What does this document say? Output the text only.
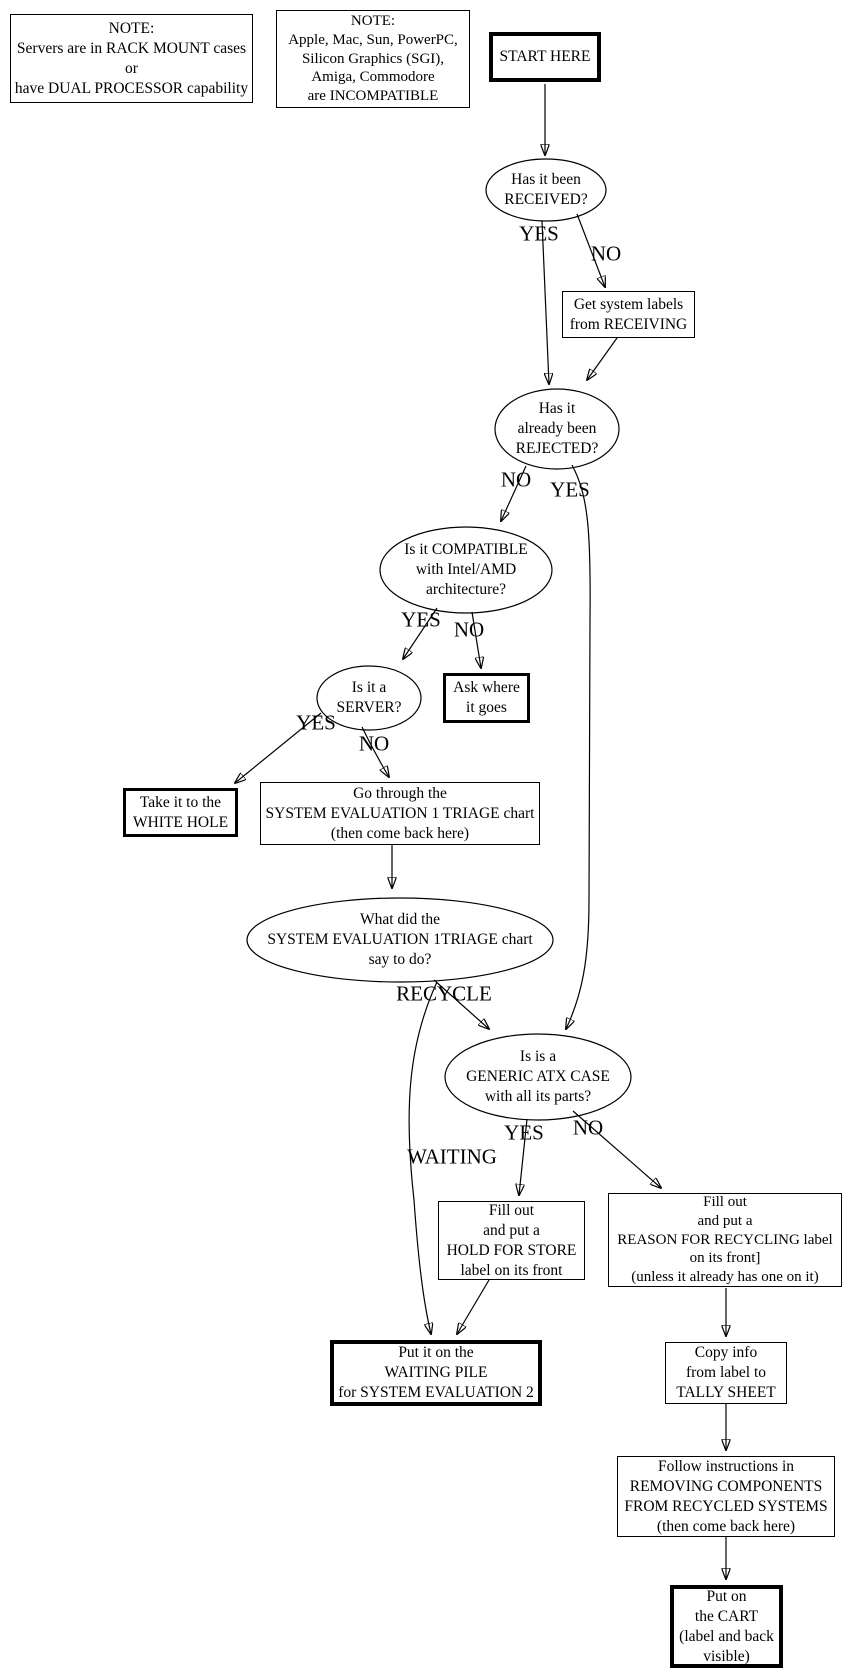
NOTE:
Servers are in RACK MOUNT cases
or
have DUAL PROCESSOR capability
NOTE:
Apple, Mac, Sun, PowerPC,
Silicon Graphics (SGI),
Amiga, Commodore
are INCOMPATIBLE
START HERE
Get system labels
from RECEIVING
Ask where
it goes
Take it to the
WHITE HOLE
Go through the
SYSTEM EVALUATION 1 TRIAGE chart
(then come back here)
Fill out
and put a
HOLD FOR STORE
label on its front
Fill out
and put a
REASON FOR RECYCLING label
on its front]
(unless it already has one on it)
Put it on the
WAITING PILE
for SYSTEM EVALUATION 2
Copy info
from label to
TALLY SHEET
Follow instructions in
REMOVING COMPONENTS
FROM RECYCLED SYSTEMS
(then come back here)
Put on
the CART
(label and back
visible)
Has it been
RECEIVED?
Has it
already been
REJECTED?
Is it COMPATIBLE
with Intel/AMD
architecture?
Is it a
SERVER?
What did the
SYSTEM EVALUATION 1TRIAGE chart
say to do?
Is is a
GENERIC ATX CASE
with all its parts?
YES
NO
NO YES
YES NO
YES
NO
RECYCLE
WAITING
YES NO
